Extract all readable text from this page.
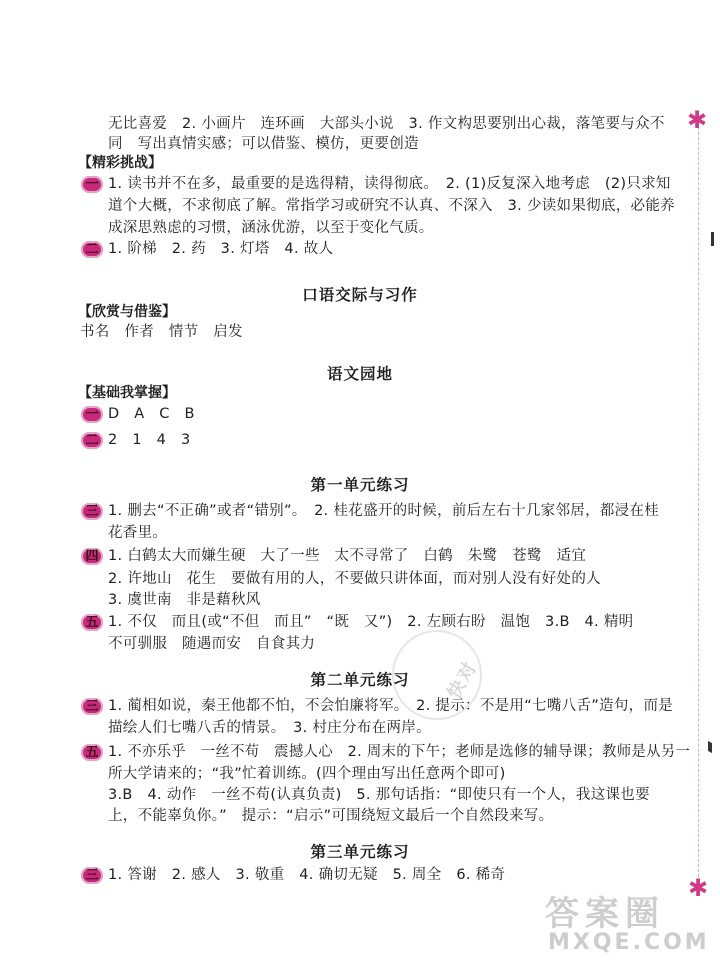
✱
✱
快对
无比喜爱　2. 小画片　连环画　大部头小说　3. 作文构思要别出心裁，落笔要与众不
同　写出真情实感；可以借鉴、模仿，更要创造
【精彩挑战】
一 1. 读书并不在多，最重要的是选得精，读得彻底。　2. (1)反复深入地考虑　(2)只求知
道个大概，不求彻底了解。常指学习或研究不认真、不深入　3. 少读如果彻底，必能养
成深思熟虑的习惯，涵泳优游，以至于变化气质。
二 1. 阶梯　2. 药　3. 灯塔　4. 故人
口语交际与习作
【欣赏与借鉴】
书名　作者　情节　启发
语文园地
【基础我掌握】
一 D　A　C　B
二 2　1　4　3
第一单元练习
三 1. 删去“不正确”或者“错别”。　2. 桂花盛开的时候，前后左右十几家邻居，都浸在桂
花香里。
四 1. 白鹤太大而嫌生硬　大了一些　太不寻常了　白鹤　朱鹭　苍鹭　适宜
2. 许地山　花生　要做有用的人，不要做只讲体面，而对别人没有好处的人
3. 虞世南　非是藉秋风
五 1. 不仅　而且(或“不但　而且”　“既　又”)　2. 左顾右盼　温饱　3.B　4. 精明
不可驯服　随遇而安　自食其力
第二单元练习
三 1. 蔺相如说，秦王他都不怕，不会怕廉将军。　2. 提示：不是用“七嘴八舌”造句，而是
描绘人们七嘴八舌的情景。　3. 村庄分布在两岸。
五 1. 不亦乐乎　一丝不苟　震撼人心　2. 周末的下午；老师是选修的辅导课；教师是从另一
所大学请来的；“我”忙着训练。(四个理由写出任意两个即可)
3.B　4. 动作　一丝不苟(认真负责)　5. 那句话指：“即使只有一个人，我这课也要
上，不能辜负你。”　提示：“启示”可围绕短文最后一个自然段来写。
第三单元练习
三 1. 答谢　2. 感人　3. 敬重　4. 确切无疑　5. 周全　6. 稀奇
答案圈
MXQE.COM
